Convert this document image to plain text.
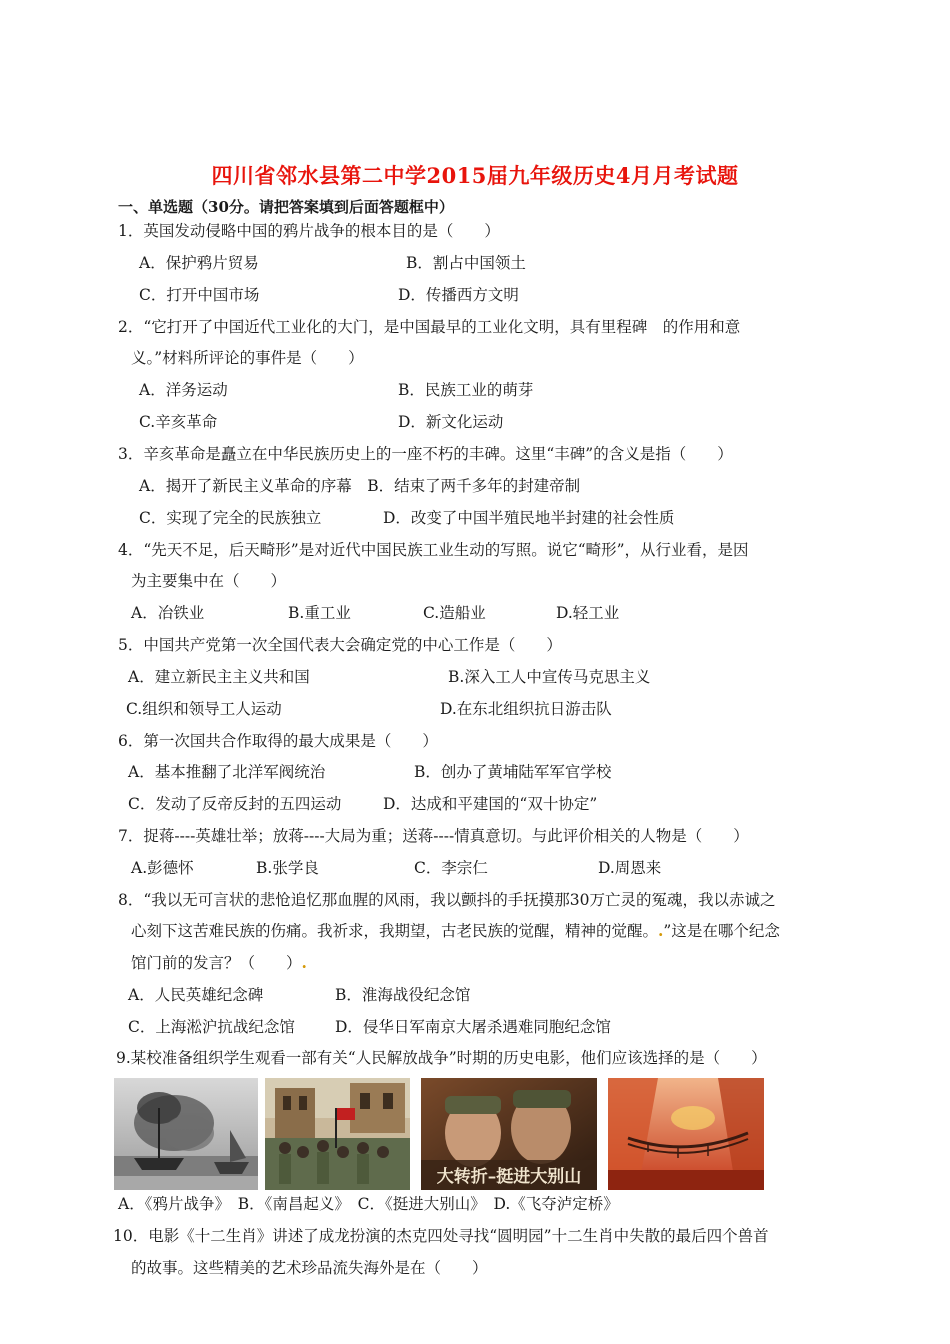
四川省邻水县第二中学2015届九年级历史4月月考试题
一、单选题（30分。请把答案填到后面答题框中）
1．英国发动侵略中国的鸦片战争的根本目的是（　　）
A．保护鸦片贸易	B．割占中国领土
C．打开中国市场	D．传播西方文明
2．“它打开了中国近代工业化的大门，是中国最早的工业化文明，具有里程碑　的作用和意
义。”材料所评论的事件是（　　）
A．洋务运动	B．民族工业的萌芽
C.辛亥革命	D．新文化运动
3．辛亥革命是矗立在中华民族历史上的一座不朽的丰碑。这里“丰碑”的含义是指（　　）
A．揭开了新民主义革命的序幕　B．结束了两千多年的封建帝制
C．实现了完全的民族独立	D．改变了中国半殖民地半封建的社会性质
4．“先天不足，后天畸形”是对近代中国民族工业生动的写照。说它“畸形”，从行业看，是因
为主要集中在（　　）
A．冶铁业	B.重工业	C.造船业	D.轻工业
5．中国共产党第一次全国代表大会确定党的中心工作是（　　）
A．建立新民主主义共和国	B.深入工人中宣传马克思主义
C.组织和领导工人运动	D.在东北组织抗日游击队
6．第一次国共合作取得的最大成果是（　　）
A．基本推翻了北洋军阀统治	B．创办了黄埔陆军军官学校
C．发动了反帝反封的五四运动	D．达成和平建国的“双十协定”
7．捉蒋----英雄壮举；放蒋----大局为重；送蒋----情真意切。与此评价相关的人物是（　　）
A.彭德怀	B.张学良	C．李宗仁	D.周恩来
8．“我以无可言状的悲怆追忆那血腥的风雨，我以颤抖的手抚摸那30万亡灵的冤魂，我以赤诚之
心刻下这苦难民族的伤痛。我祈求，我期望，古老民族的觉醒，精神的觉醒。.”这是在哪个纪念
馆门前的发言？（　　）.
A．人民英雄纪念碑	B．淮海战役纪念馆
C．上海淞沪抗战纪念馆	D．侵华日军南京大屠杀遇难同胞纪念馆
9.某校准备组织学生观看一部有关“人民解放战争”时期的历史电影，他们应该选择的是（　　）
大转折–挺进大别山
A．《鸦片战争》　B．《南昌起义》　C．《挺进大别山》　D.《飞夺泸定桥》
10．电影《十二生肖》讲述了成龙扮演的杰克四处寻找“圆明园”十二生肖中失散的最后四个兽首
的故事。这些精美的艺术珍品流失海外是在（　　）
